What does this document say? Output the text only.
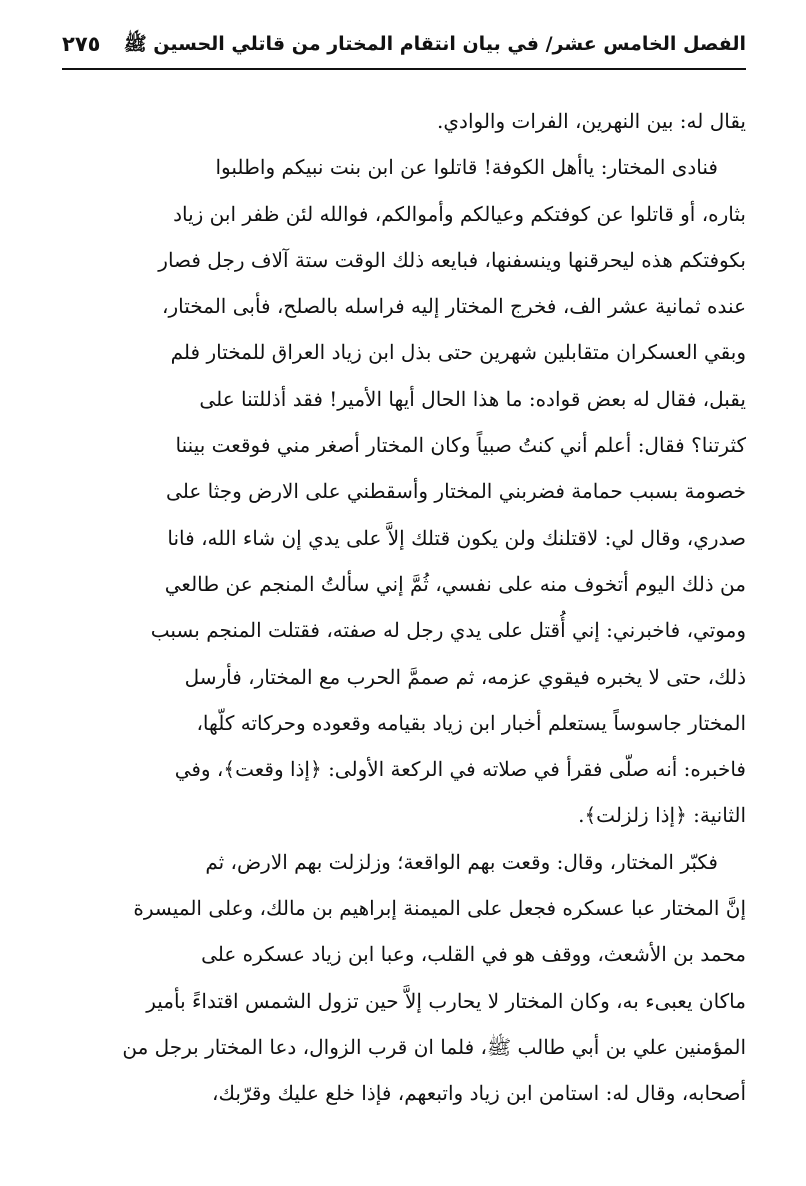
الفصل الخامس عشر/ في بيان انتقام المختار من قاتلي الحسين ﷺ
٢٧٥
يقال له: بين النهرين، الفرات والوادي.
فنادى المختار: ياأهل الكوفة! قاتلوا عن ابن بنت نبيكم واطلبوا
بثاره، أو قاتلوا عن كوفتكم وعيالكم وأموالكم، فوالله لئن ظفر ابن زياد
بكوفتكم هذه ليحرقنها وينسفنها، فبايعه ذلك الوقت ستة آلاف رجل فصار
عنده ثمانية عشر الف، فخرج المختار إليه فراسله بالصلح، فأبى المختار،
وبقي العسكران متقابلين شهرين حتى بذل ابن زياد العراق للمختار فلم
يقبل، فقال له بعض قواده: ما هذا الحال أيها الأمير! فقد أذللتنا على
كثرتنا؟ فقال: أعلم أني كنتُ صبياً وكان المختار أصغر مني فوقعت بيننا
خصومة بسبب حمامة فضربني المختار وأسقطني على الارض وجثا على
صدري، وقال لي: لاقتلنك ولن يكون قتلك إلاَّ على يدي إن شاء الله، فانا
من ذلك اليوم أتخوف منه على نفسي، ثُمَّ إني سألتُ المنجم عن طالعي
وموتي، فاخبرني: إني أُقتل على يدي رجل له صفته، فقتلت المنجم بسبب
ذلك، حتى لا يخبره فيقوي عزمه، ثم صممَّ الحرب مع المختار، فأرسل
المختار جاسوساً يستعلم أخبار ابن زياد بقيامه وقعوده وحركاته كلّها،
فاخبره: أنه صلّى فقرأ في صلاته في الركعة الأولى: ﴿إذا وقعت﴾، وفي
الثانية: ﴿إذا زلزلت﴾.
فكبّر المختار، وقال: وقعت بهم الواقعة؛ وزلزلت بهم الارض، ثم
إنَّ المختار عبا عسكره فجعل على الميمنة إبراهيم بن مالك، وعلى الميسرة
محمد بن الأشعث، ووقف هو في القلب، وعبا ابن زياد عسكره على
ماكان يعبىء به، وكان المختار لا يحارب إلاَّ حين تزول الشمس اقتداءً بأمير
المؤمنين علي بن أبي طالب ﷺ، فلما ان قرب الزوال، دعا المختار برجل من
أصحابه، وقال له: استامن ابن زياد واتبعهم، فإذا خلع عليك وقرّبك،
